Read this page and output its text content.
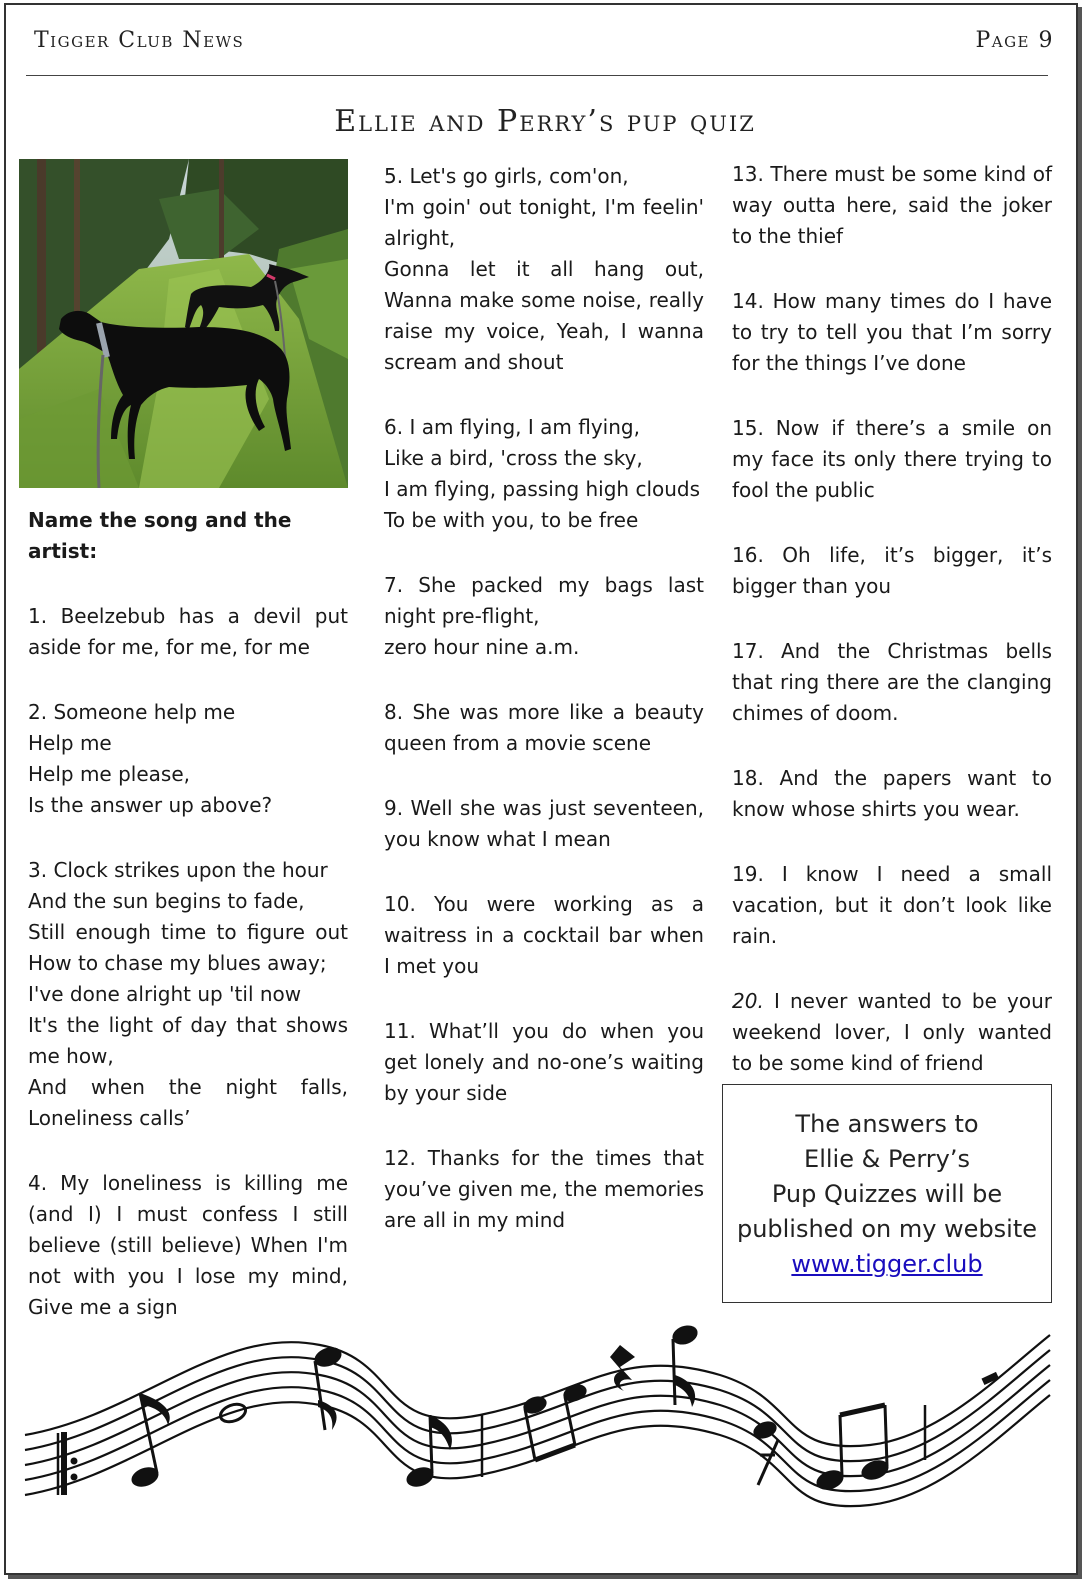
Tigger Club News	Page 9
Ellie and Perry’s pup quiz
Name the song and the artist:
1. Beelzebub has a devil put aside for me, for me, for me
2. Someone help me
Help me
Help me please,
Is the answer up above?
3. Clock strikes upon the hour
And the sun begins to fade,
Still enough time to figure out How to chase my blues away;
I've done alright up 'til now
It's the light of day that shows me how,
And when the night falls, Loneliness calls’
4. My loneliness is killing me (and I) I must confess I still believe (still believe) When I'm not with you I lose my mind, Give me a sign
5. Let's go girls, com'on,
I'm goin' out tonight, I'm feelin' alright,
Gonna let it all hang out, Wanna make some noise, really raise my voice, Yeah, I wanna scream and shout
6. I am flying, I am flying,
Like a bird, 'cross the sky,
I am flying, passing high clouds
To be with you, to be free
7. She packed my bags last night pre-flight,
zero hour nine a.m.
8. She was more like a beauty queen from a movie scene
9. Well she was just seventeen, you know what I mean
10. You were working as a waitress in a cocktail bar when I met you
11. What’ll you do when you get lonely and no-one’s waiting by your side
12. Thanks for the times that you’ve given me, the memories are all in my mind
13. There must be some kind of way outta here, said the joker to the thief
14. How many times do I have to try to tell you that I’m sorry for the things I’ve done
15. Now if there’s a smile on my face its only there trying to fool the public
16. Oh life, it’s bigger, it’s bigger than you
17. And the Christmas bells that ring there are the clanging chimes of doom.
18. And the papers want to know whose shirts you wear.
19. I know I need a small vacation, but it don’t look like rain.
20. I never wanted to be your weekend lover, I only wanted to be some kind of friend
The answers to
Ellie & Perry’s
Pup Quizzes will be
published on my website
www.tigger.club
